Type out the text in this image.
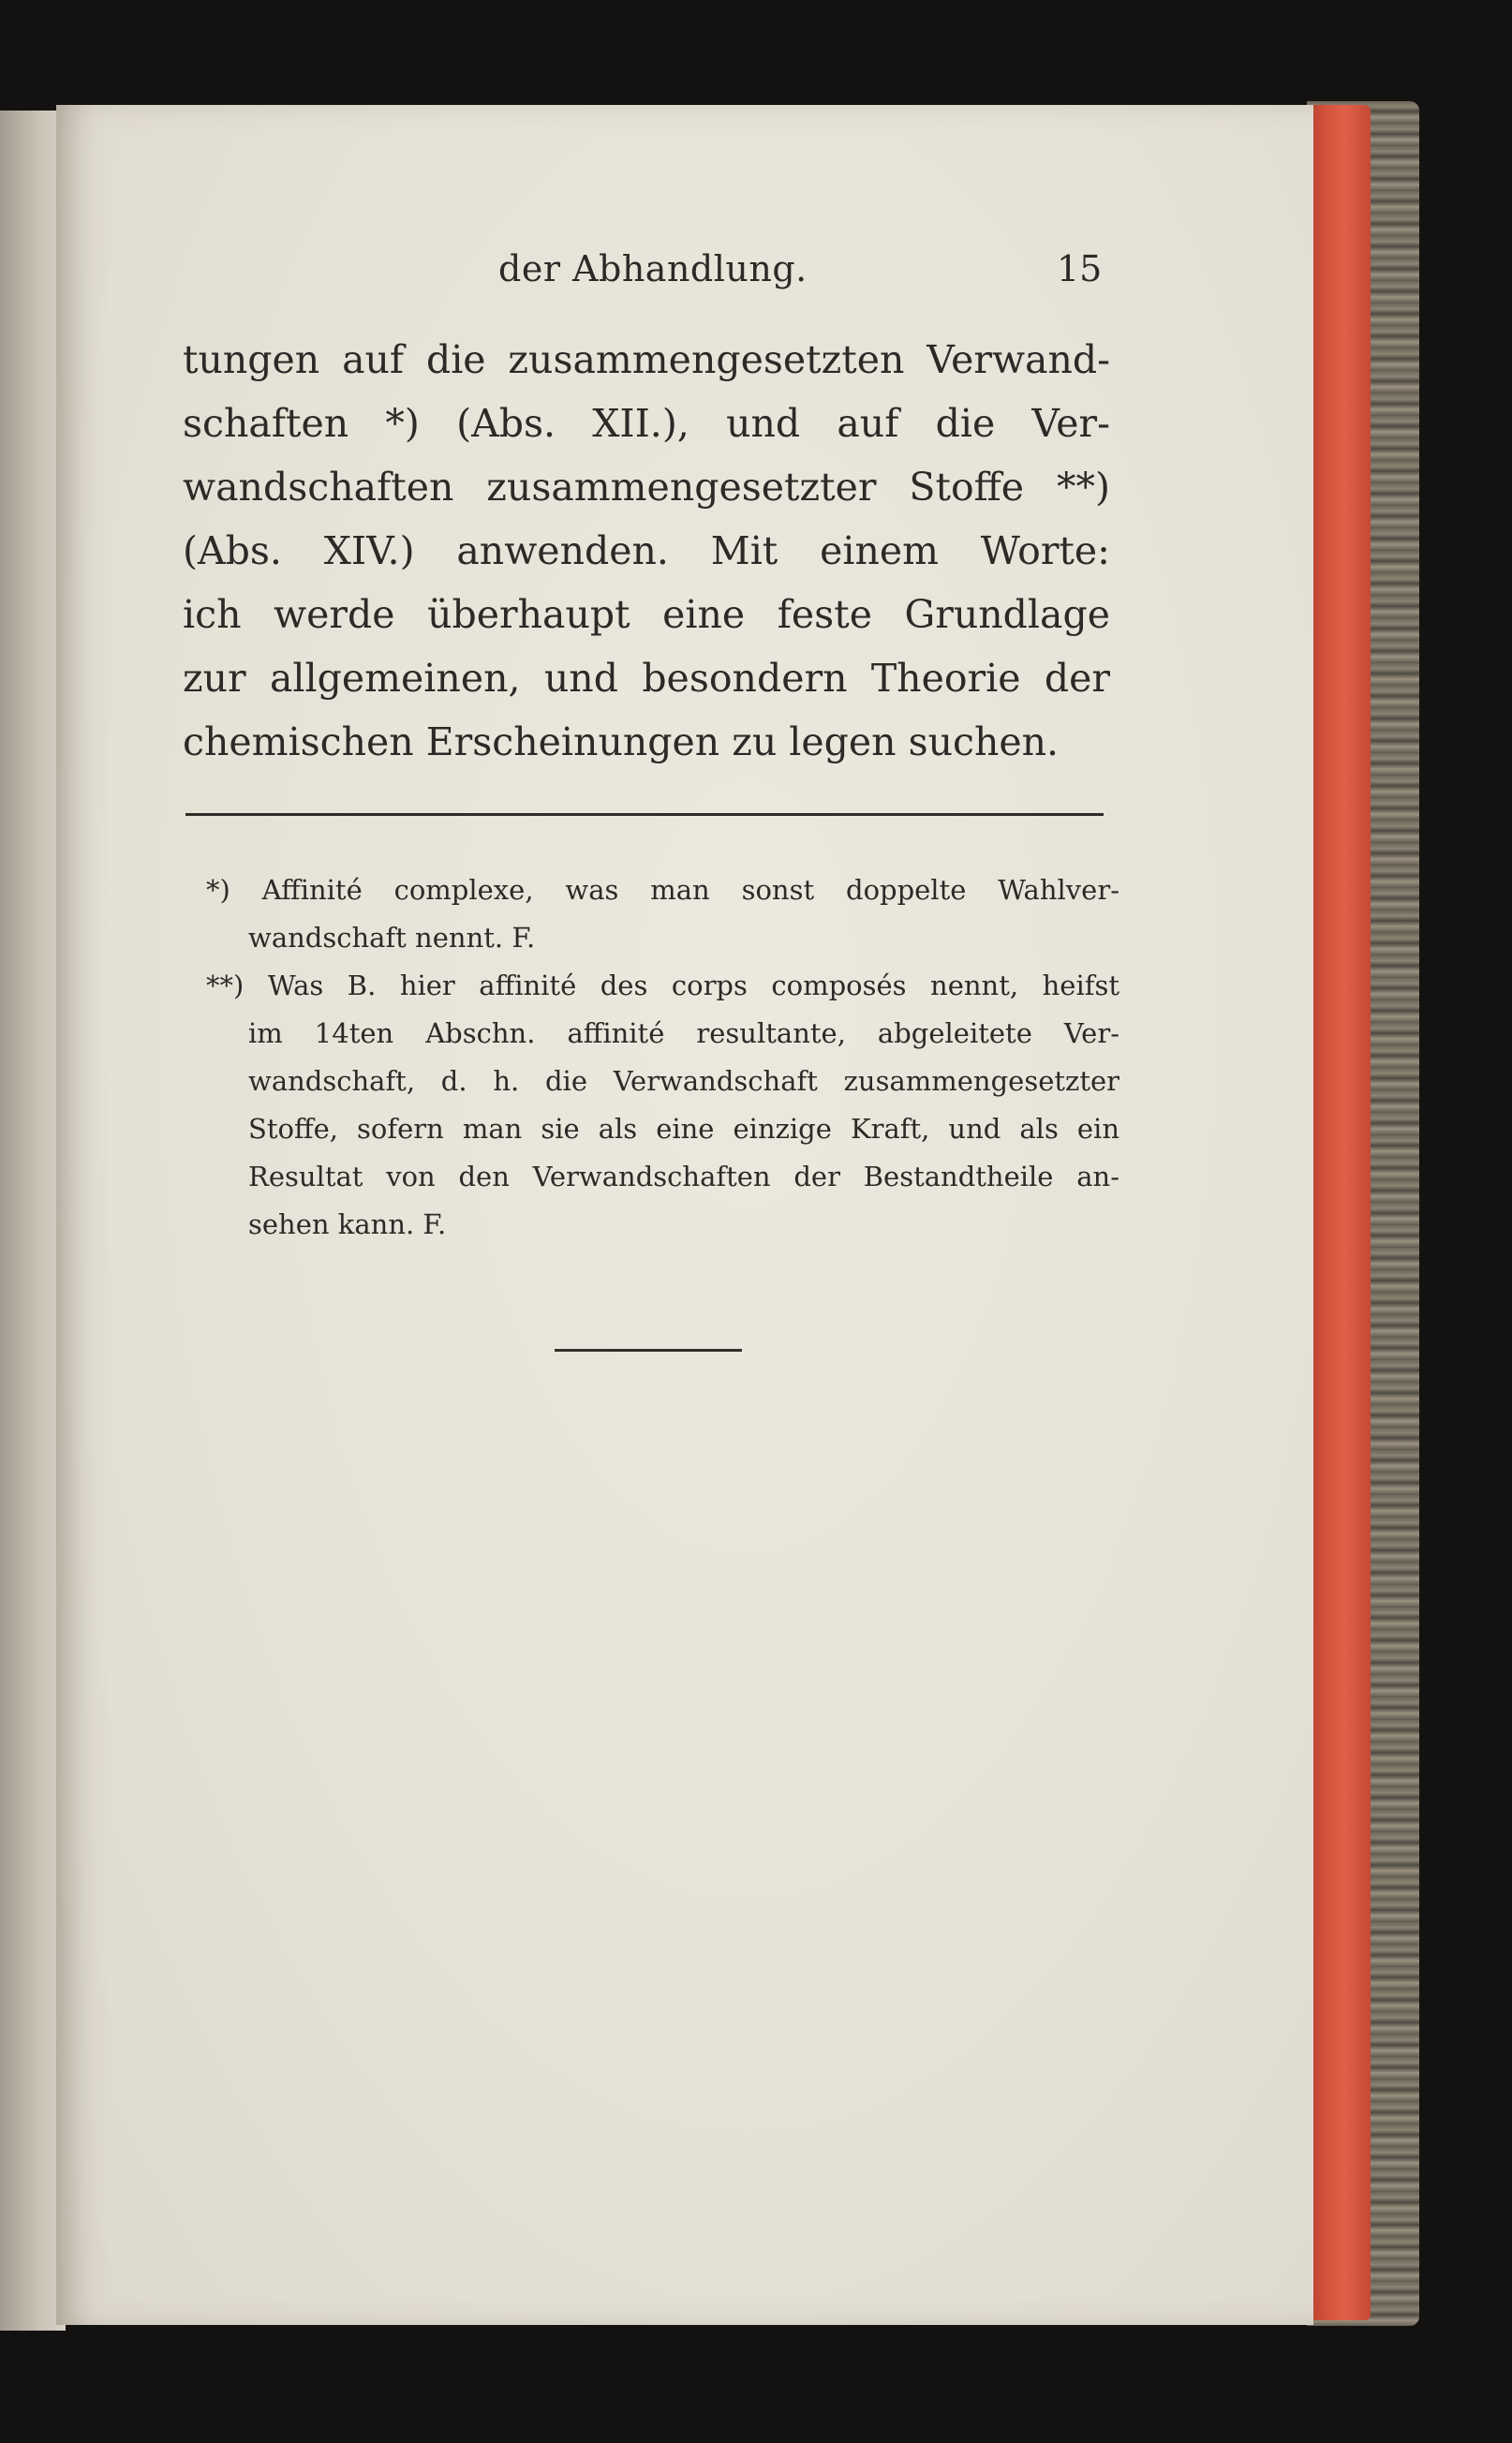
der Abhandlung.	15
tungen auf die zusammengesetzten Verwand-
schaften *) (Abs. XII.), und auf die Ver-
wandschaften zusammengesetzter Stoffe **)
(Abs. XIV.) anwenden. Mit einem Worte:
ich werde überhaupt eine feste Grundlage
zur allgemeinen, und besondern Theorie der
chemischen Erscheinungen zu legen suchen.
*) Affinité complexe, was man sonst doppelte Wahlver-
wandschaft nennt. F.
**) Was B. hier affinité des corps composés nennt, heifst
im 14ten Abschn. affinité resultante, abgeleitete Ver-
wandschaft, d. h. die Verwandschaft zusammengesetzter
Stoffe, sofern man sie als eine einzige Kraft, und als ein
Resultat von den Verwandschaften der Bestandtheile an-
sehen kann. F.
